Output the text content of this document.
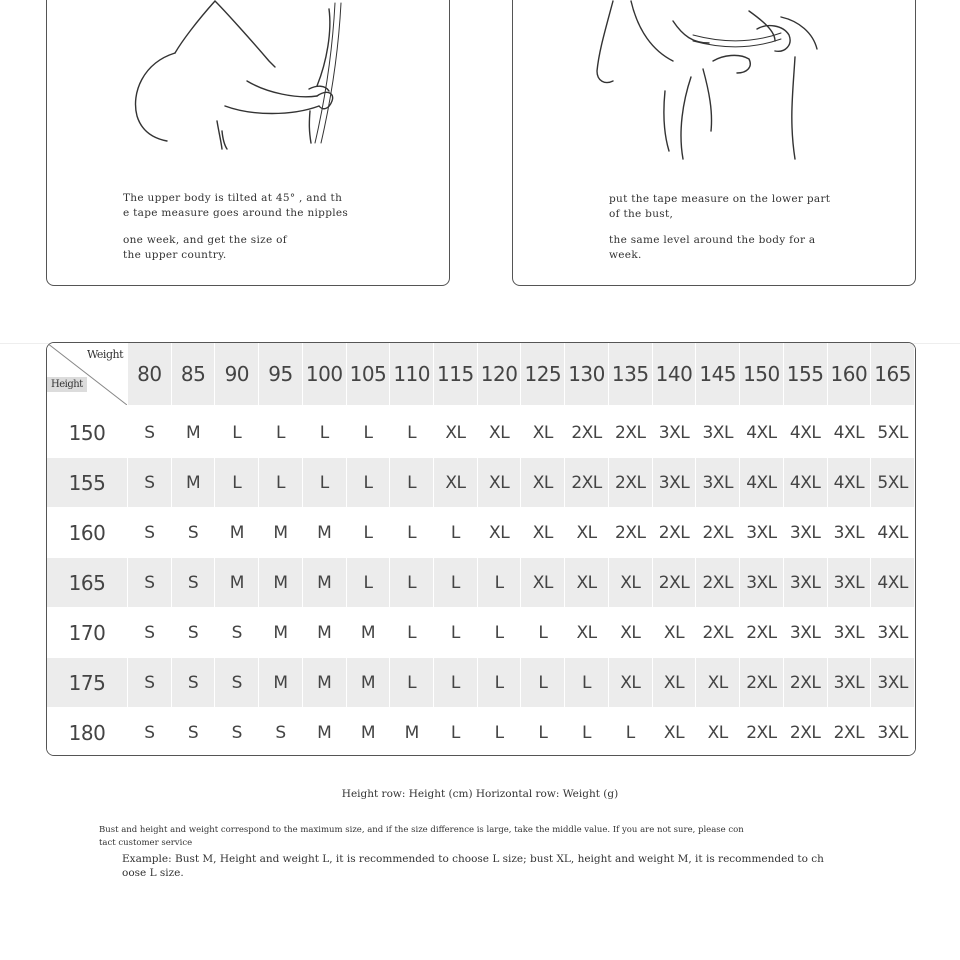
The upper body is tilted at 45° , and th
e tape measure goes around the nipples
one week, and get the size of
the upper country.
put the tape measure on the lower part
of the bust,
the same level around the body for a
week.
Weight
Height	80	85	90	95	100	105	110	115	120	125	130	135	140	145	150	155	160	165
150	S	M	L	L	L	L	L	XL	XL	XL	2XL	2XL	3XL	3XL	4XL	4XL	4XL	5XL
155	S	M	L	L	L	L	L	XL	XL	XL	2XL	2XL	3XL	3XL	4XL	4XL	4XL	5XL
160	S	S	M	M	M	L	L	L	XL	XL	XL	2XL	2XL	2XL	3XL	3XL	3XL	4XL
165	S	S	M	M	M	L	L	L	L	XL	XL	XL	2XL	2XL	3XL	3XL	3XL	4XL
170	S	S	S	M	M	M	L	L	L	L	XL	XL	XL	2XL	2XL	3XL	3XL	3XL
175	S	S	S	M	M	M	L	L	L	L	L	XL	XL	XL	2XL	2XL	3XL	3XL
180	S	S	S	S	M	M	M	L	L	L	L	L	XL	XL	2XL	2XL	2XL	3XL
Height row: Height (cm) Horizontal row: Weight (g)
Bust and height and weight correspond to the maximum size, and if the size difference is large, take the middle value. If you are not sure, please con
tact customer service
Example: Bust M, Height and weight L, it is recommended to choose L size; bust XL, height and weight M, it is recommended to ch
oose L size.
